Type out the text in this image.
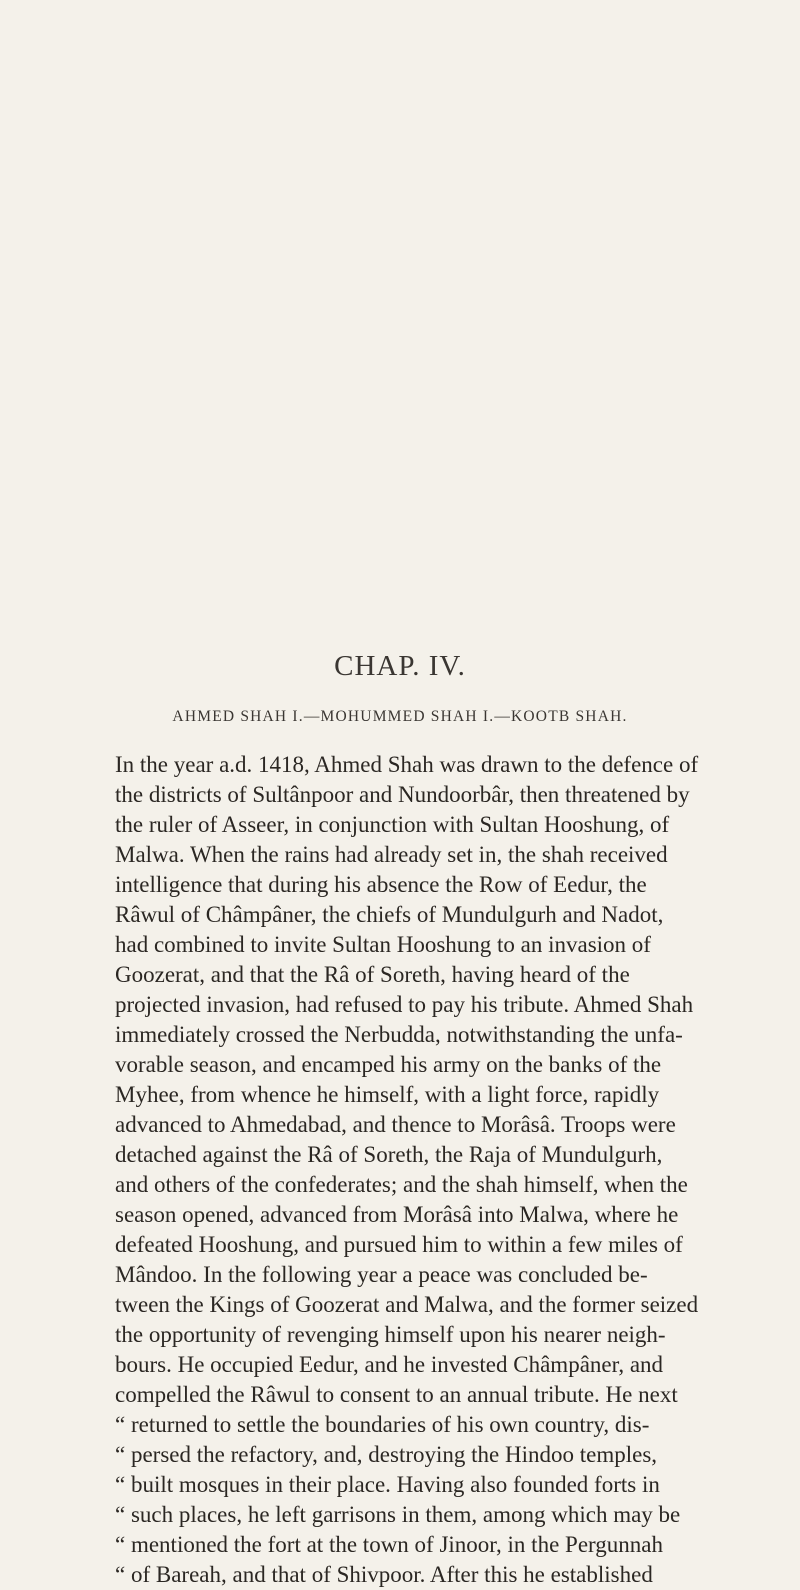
CHAP. IV.
AHMED SHAH I.—MOHUMMED SHAH I.—KOOTB SHAH.
In the year a.d. 1418, Ahmed Shah was drawn to the defence of
the districts of Sultânpoor and Nundoorbâr, then threatened by
the ruler of Asseer, in conjunction with Sultan Hooshung, of
Malwa. When the rains had already set in, the shah received
intelligence that during his absence the Row of Eedur, the
Râwul of Châmpâner, the chiefs of Mundulgurh and Nadot,
had combined to invite Sultan Hooshung to an invasion of
Goozerat, and that the Râ of Soreth, having heard of the
projected invasion, had refused to pay his tribute. Ahmed Shah
immediately crossed the Nerbudda, notwithstanding the unfa-
vorable season, and encamped his army on the banks of the
Myhee, from whence he himself, with a light force, rapidly
advanced to Ahmedabad, and thence to Morâsâ. Troops were
detached against the Râ of Soreth, the Raja of Mundulgurh,
and others of the confederates; and the shah himself, when the
season opened, advanced from Morâsâ into Malwa, where he
defeated Hooshung, and pursued him to within a few miles of
Mândoo. In the following year a peace was concluded be-
tween the Kings of Goozerat and Malwa, and the former seized
the opportunity of revenging himself upon his nearer neigh-
bours. He occupied Eedur, and he invested Châmpâner, and
compelled the Râwul to consent to an annual tribute. He next
“ returned to settle the boundaries of his own country, dis-
“ persed the refactory, and, destroying the Hindoo temples,
“ built mosques in their place. Having also founded forts in
“ such places, he left garrisons in them, among which may be
“ mentioned the fort at the town of Jinoor, in the Pergunnah
“ of Bareah, and that of Shivpoor. After this he established
